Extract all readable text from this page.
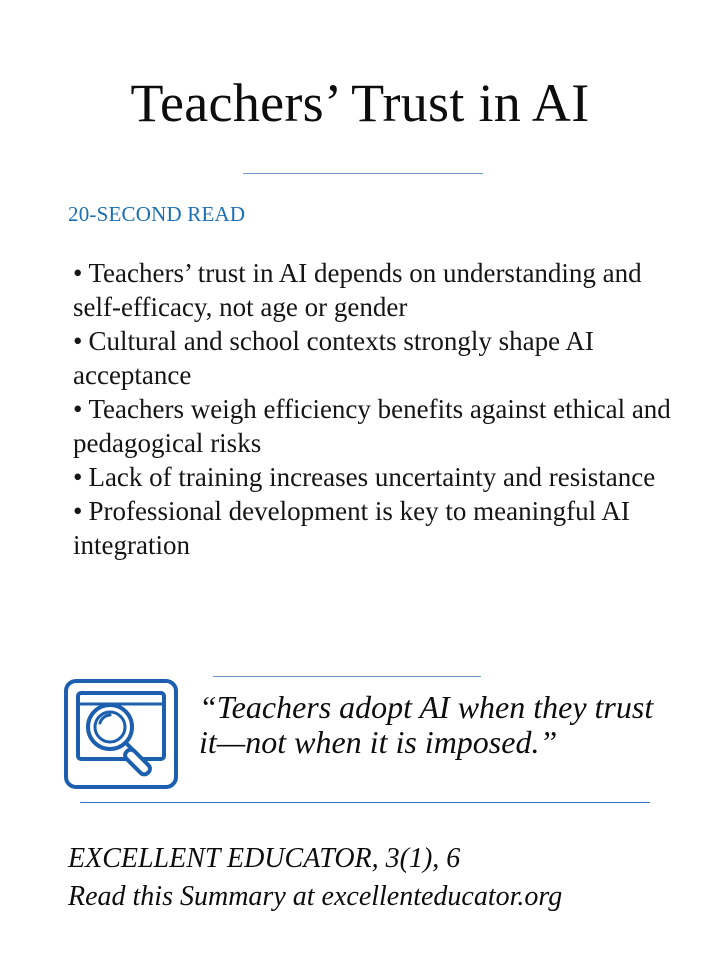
Teachers’ Trust in AI
20-SECOND READ
• Teachers’ trust in AI depends on understanding and self-efficacy, not age or gender
• Cultural and school contexts strongly shape AI acceptance
• Teachers weigh efficiency benefits against ethical and pedagogical risks
• Lack of training increases uncertainty and resistance
• Professional development is key to meaningful AI integration
“Teachers adopt AI when they trust it—not when it is imposed.”
EXCELLENT EDUCATOR, 3(1), 6
Read this Summary at excellenteducator.org
